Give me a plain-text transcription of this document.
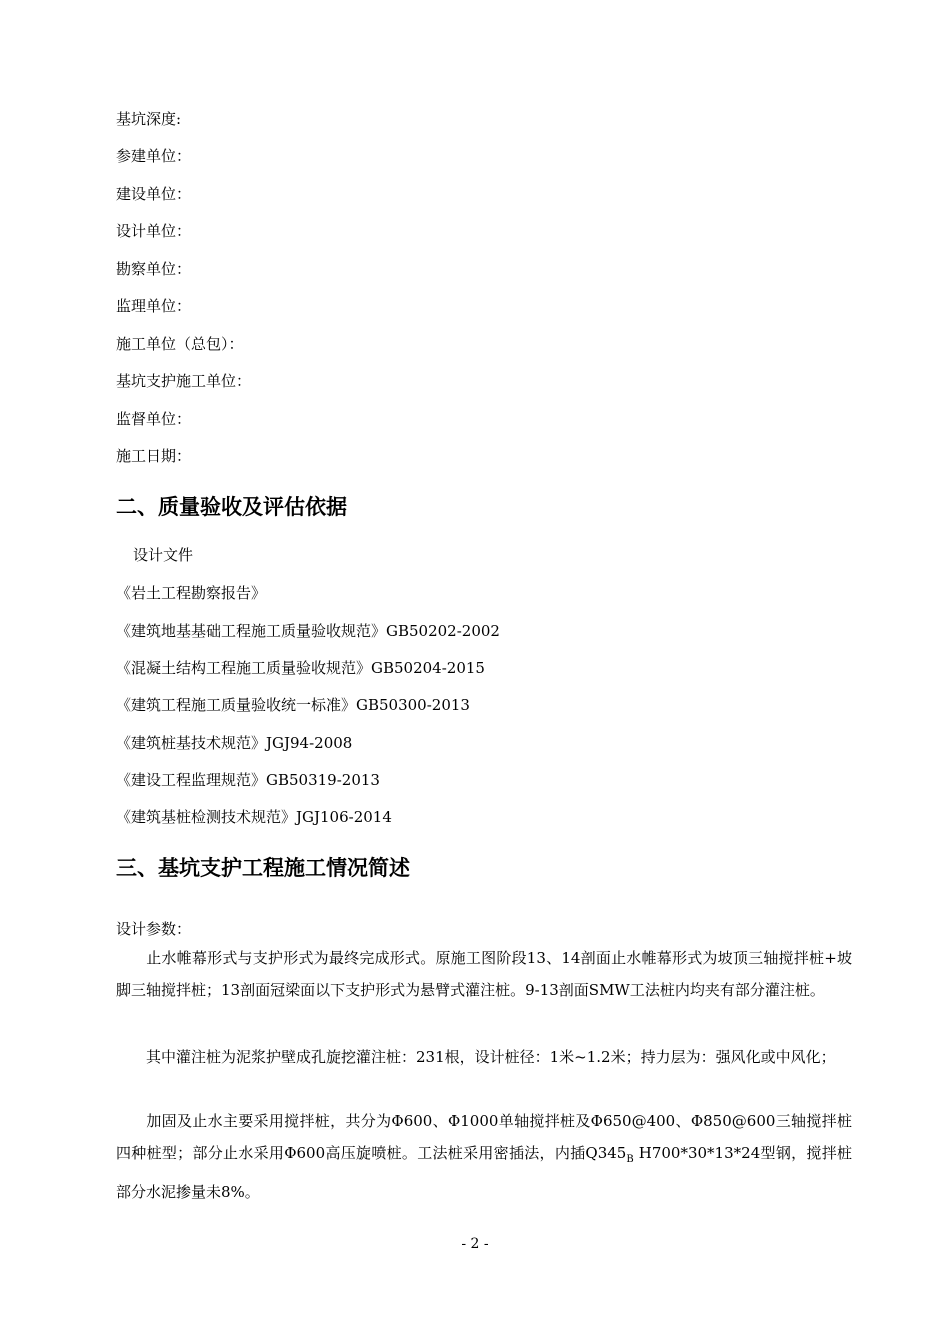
基坑深度:
参建单位：
建设单位：
设计单位：
勘察单位：
监理单位：
施工单位（总包）：
基坑支护施工单位：
监督单位：
施工日期：
二、质量验收及评估依据
设计文件
《岩土工程勘察报告》
《建筑地基基础工程施工质量验收规范》GB50202-2002
《混凝土结构工程施工质量验收规范》GB50204-2015
《建筑工程施工质量验收统一标准》GB50300-2013
《建筑桩基技术规范》JGJ94-2008
《建设工程监理规范》GB50319-2013
《建筑基桩检测技术规范》JGJ106-2014
三、基坑支护工程施工情况简述
设计参数：
止水帷幕形式与支护形式为最终完成形式。原施工图阶段13、14剖面止水帷幕形式为坡顶三轴搅拌桩+坡脚三轴搅拌桩；13剖面冠梁面以下支护形式为悬臂式灌注桩。9-13剖面SMW工法桩内均夹有部分灌注桩。
其中灌注桩为泥浆护壁成孔旋挖灌注桩：231根，设计桩径：1米~1.2米；持力层为：强风化或中风化；
加固及止水主要采用搅拌桩，共分为Φ600、Φ1000单轴搅拌桩及Φ650@400、Φ850@600三轴搅拌桩四种桩型；部分止水采用Φ600高压旋喷桩。工法桩采用密插法，内插$Q345_B$ H700*30*13*24型钢，搅拌桩部分水泥掺量未8%。
- 2 -
